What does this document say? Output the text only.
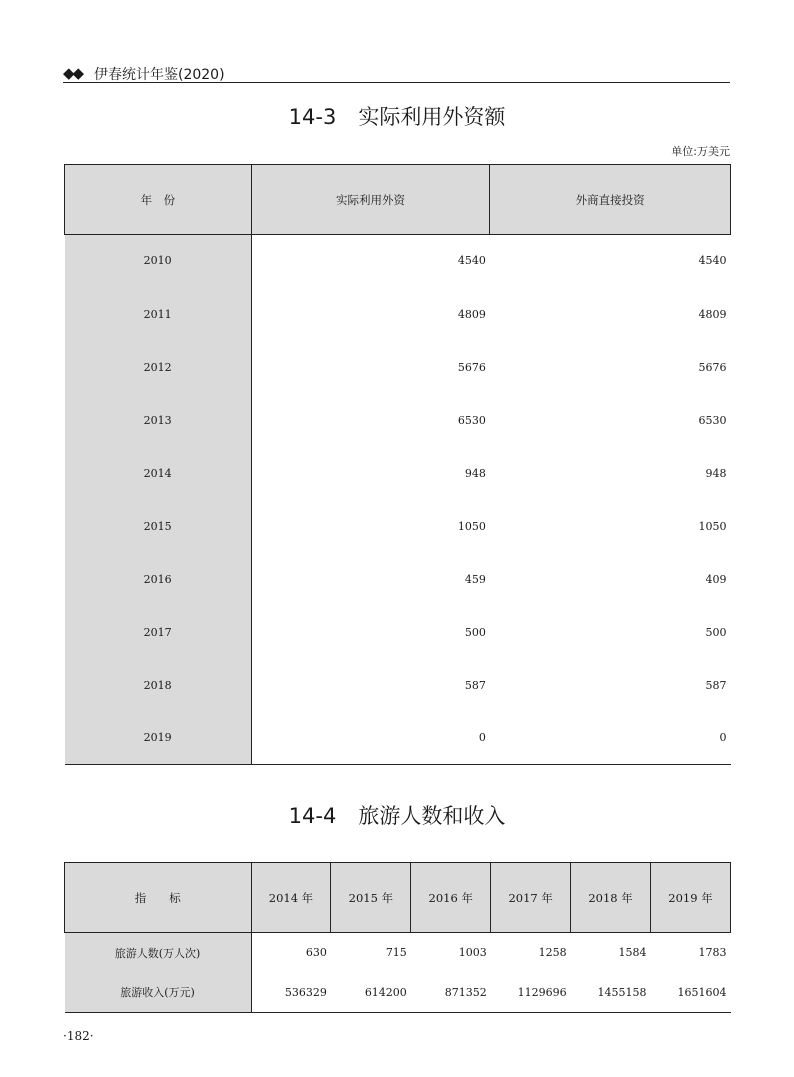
◆◆ 伊春统计年鉴(2020)
14-3 实际利用外资额
单位:万美元
年　份	实际利用外资	外商直接投资
2010	4540	4540
2011	4809	4809
2012	5676	5676
2013	6530	6530
2014	948	948
2015	1050	1050
2016	459	409
2017	500	500
2018	587	587
2019	0	0
14-4 旅游人数和收入
指　　标	2014 年	2015 年	2016 年	2017 年	2018 年	2019 年
旅游人数(万人次)	630	715	1003	1258	1584	1783
旅游收入(万元)	536329	614200	871352	1129696	1455158	1651604
·182·
